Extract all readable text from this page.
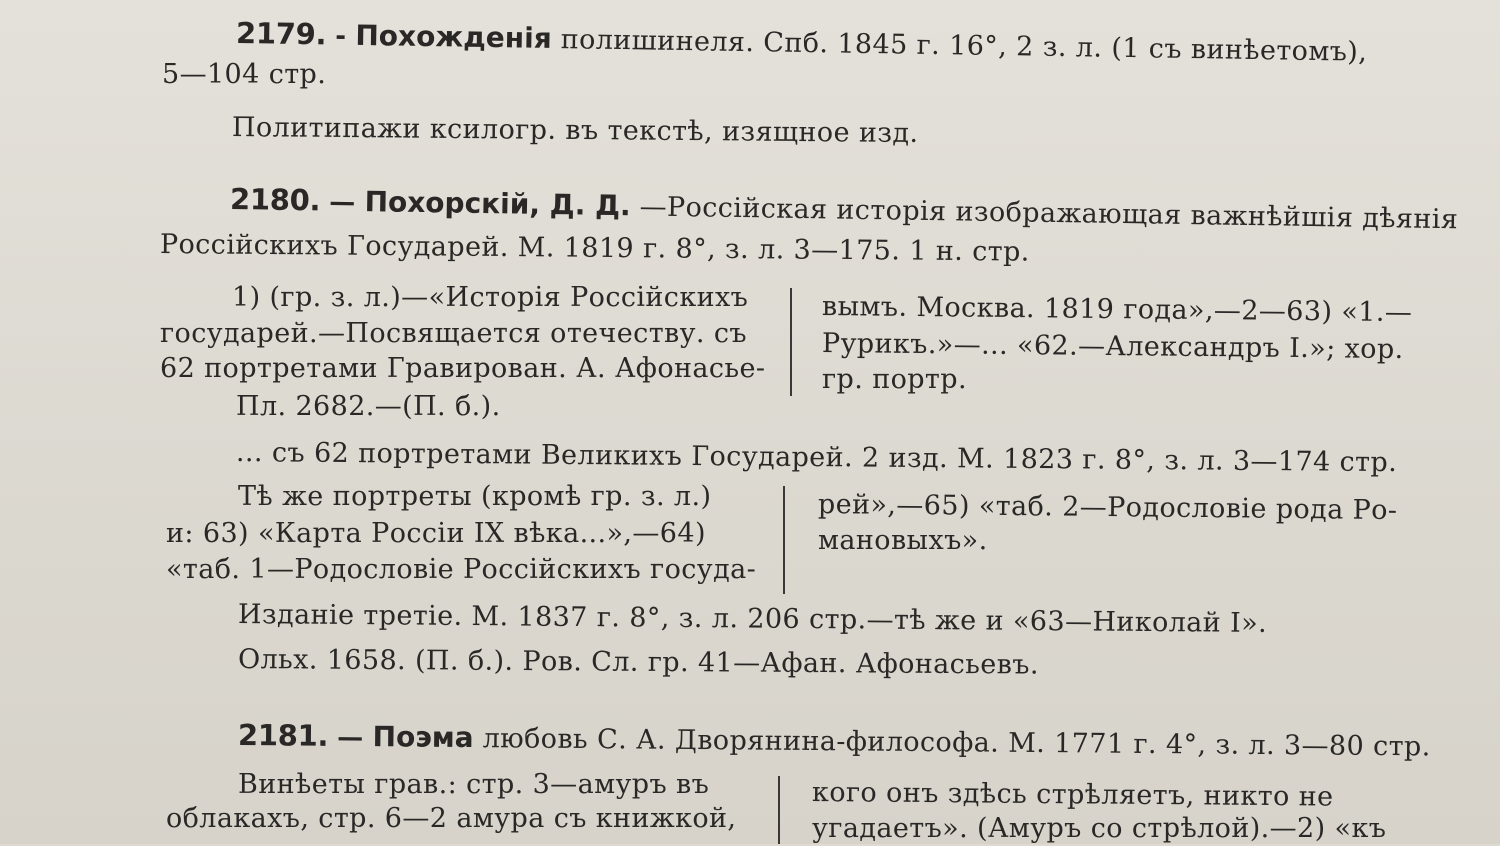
2179. - Похожденiя полишинеля. Спб. 1845 г. 16°, 2 з. л. (1 съ винѣетомъ),
5—104 стр.
Политипажи ксилогр. въ текстѣ, изящное изд.
2180. — Похорскiй, Д. Д. —Россiйская исторiя изображающая важнѣйшiя дѣянiя
Россiйскихъ Государей. М. 1819 г. 8°, з. л. 3—175. 1 н. стр.
1) (гр. з. л.)—«Исторiя Россiйскихъ
государей.—Посвящается отечеству. съ
62 портретами Гравирован. А. Афонасье-
вымъ. Москва. 1819 года»,—2—63) «1.—
Рурикъ.»—... «62.—Александръ I.»; хор.
гр. портр.
Пл. 2682.—(П. б.).
... съ 62 портретами Великихъ Государей. 2 изд. М. 1823 г. 8°, з. л. 3—174 стр.
Тѣ же портреты (кромѣ гр. з. л.)
и: 63) «Карта Россiи IX вѣка...»,—64)
«таб. 1—Родословiе Россiйскихъ госуда-
рей»,—65) «таб. 2—Родословiе рода Ро-
мановыхъ».
Изданiе третiе. М. 1837 г. 8°, з. л. 206 стр.—тѣ же и «63—Николай I».
Ольх. 1658. (П. б.). Ров. Сл. гр. 41—Афан. Афонасьевъ.
2181. — Поэма любовь С. А. Дворянина-философа. М. 1771 г. 4°, з. л. 3—80 стр.
Винѣеты грав.: стр. 3—амуръ въ
облакахъ, стр. 6—2 амура съ книжкой,
кого онъ здѣсь стрѣляетъ, никто не
угадаетъ». (Амуръ со стрѣлой).—2) «къ
